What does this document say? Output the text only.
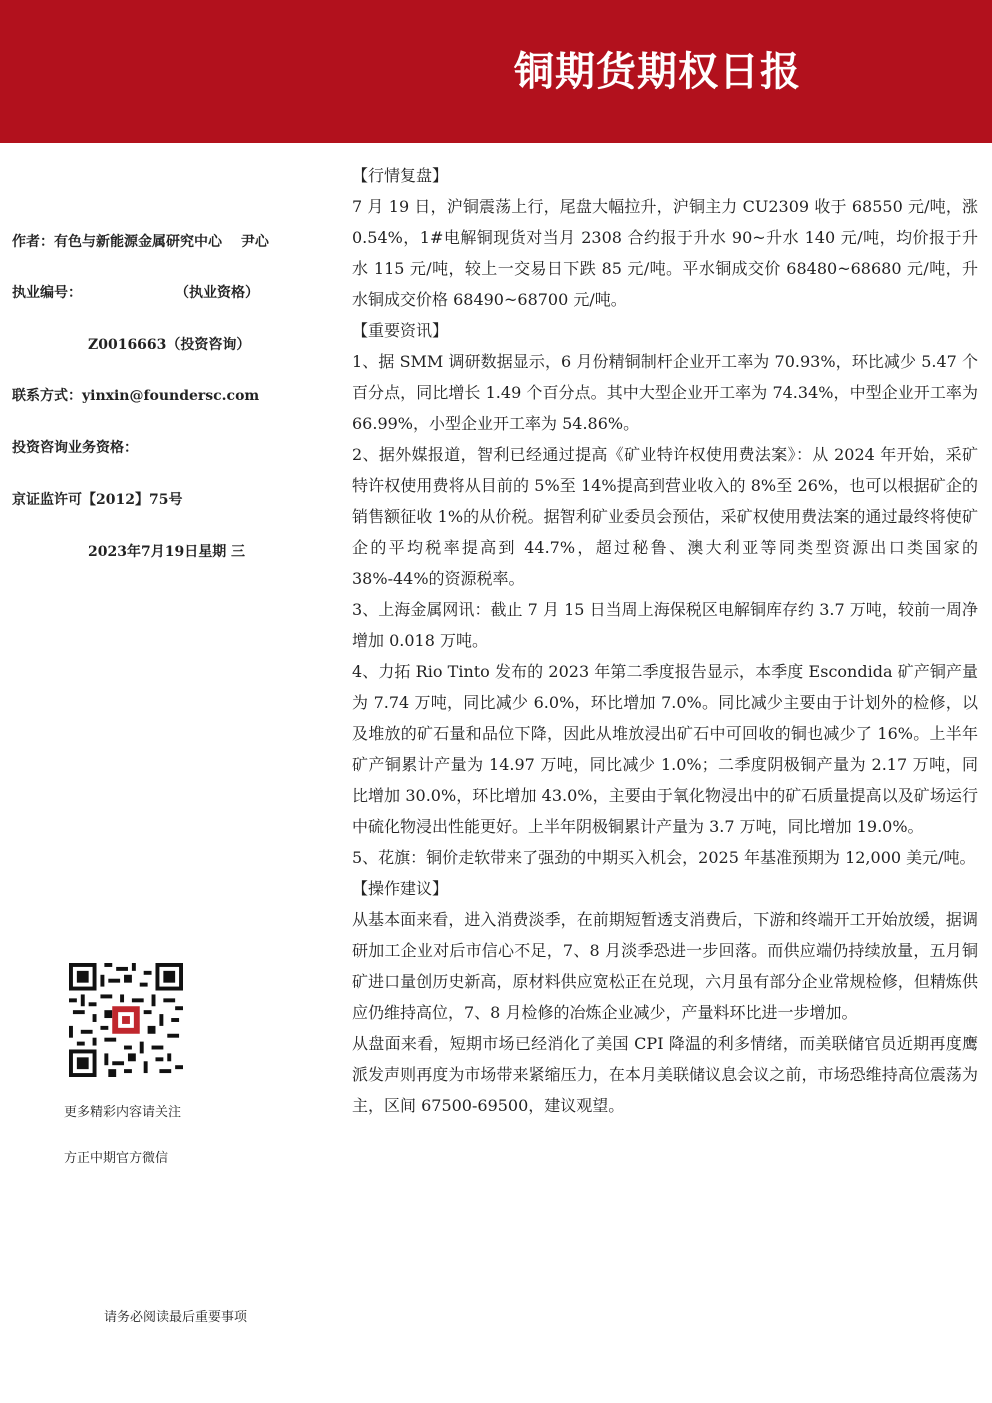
铜期货期权日报
作者：有色与新能源金属研究中心　 尹心
执业编号：	（执业资格）
Z0016663（投资咨询）
联系方式：yinxin@foundersc.com
投资咨询业务资格：
京证监许可【2012】75号
2023年7月19日星期 三
更多精彩内容请关注
方正中期官方微信
请务必阅读最后重要事项
【行情复盘】

7 月 19 日，沪铜震荡上行，尾盘大幅拉升，沪铜主力 CU2309 收于 68550 元/吨，涨 0.54%，1#电解铜现货对当月 2308 合约报于升水 90~升水 140 元/吨，均价报于升水 115 元/吨，较上一交易日下跌 85 元/吨。平水铜成交价 68480~68680 元/吨，升水铜成交价格 68490~68700 元/吨。

【重要资讯】

1、据 SMM 调研数据显示，6 月份精铜制杆企业开工率为 70.93%，环比减少 5.47 个百分点，同比增长 1.49 个百分点。其中大型企业开工率为 74.34%，中型企业开工率为 66.99%，小型企业开工率为 54.86%。

2、据外媒报道，智利已经通过提高《矿业特许权使用费法案》：从 2024 年开始，采矿特许权使用费将从目前的 5%至 14%提高到营业收入的 8%至 26%，也可以根据矿企的销售额征收 1%的从价税。据智利矿业委员会预估，采矿权使用费法案的通过最终将使矿企的平均税率提高到 44.7%，超过秘鲁、澳大利亚等同类型资源出口类国家的 38%-44%的资源税率。

3、上海金属网讯：截止 7 月 15 日当周上海保税区电解铜库存约 3.7 万吨，较前一周净增加 0.018 万吨。

4、力拓 Rio Tinto 发布的 2023 年第二季度报告显示，本季度 Escondida 矿产铜产量为 7.74 万吨，同比减少 6.0%，环比增加 7.0%。同比减少主要由于计划外的检修，以及堆放的矿石量和品位下降，因此从堆放浸出矿石中可回收的铜也减少了 16%。上半年矿产铜累计产量为 14.97 万吨，同比减少 1.0%；二季度阴极铜产量为 2.17 万吨，同比增加 30.0%，环比增加 43.0%，主要由于氧化物浸出中的矿石质量提高以及矿场运行中硫化物浸出性能更好。上半年阴极铜累计产量为 3.7 万吨，同比增加 19.0%。

5、花旗：铜价走软带来了强劲的中期买入机会，2025 年基准预期为 12,000 美元/吨。

【操作建议】

从基本面来看，进入消费淡季，在前期短暂透支消费后，下游和终端开工开始放缓，据调研加工企业对后市信心不足，7、8 月淡季恐进一步回落。而供应端仍持续放量，五月铜矿进口量创历史新高，原材料供应宽松正在兑现，六月虽有部分企业常规检修，但精炼供应仍维持高位，7、8 月检修的冶炼企业减少，产量料环比进一步增加。

从盘面来看，短期市场已经消化了美国 CPI 降温的利多情绪，而美联储官员近期再度鹰派发声则再度为市场带来紧缩压力，在本月美联储议息会议之前，市场恐维持高位震荡为主，区间 67500-69500，建议观望。
